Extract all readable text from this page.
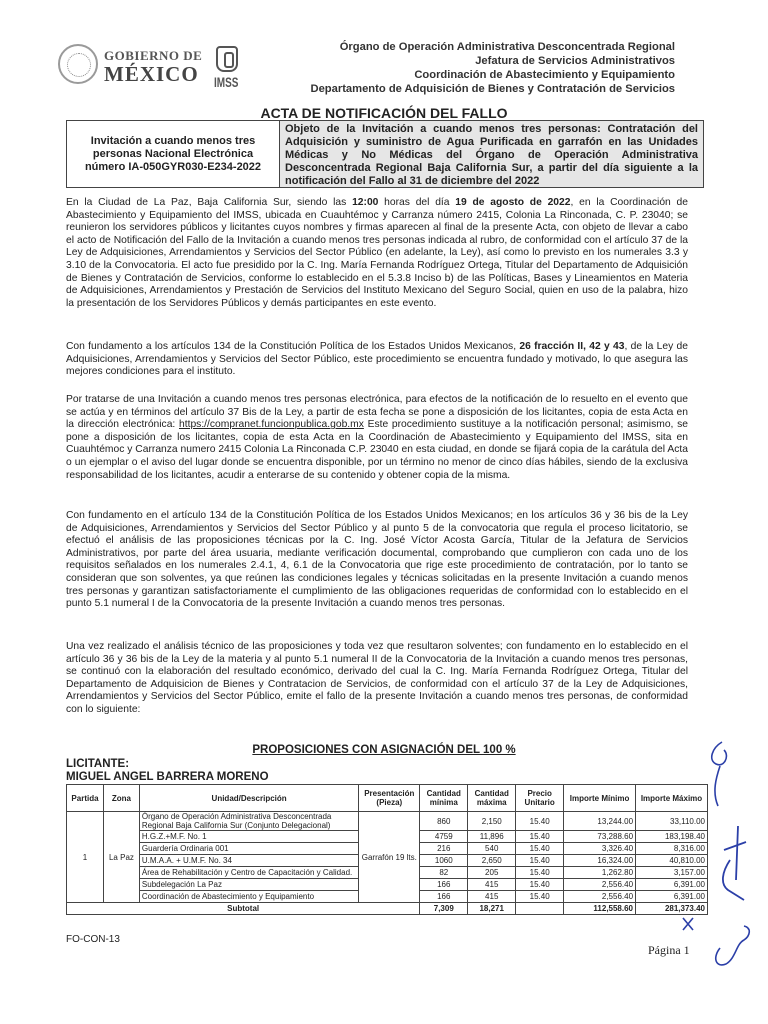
GOBIERNO DE
MÉXICO IMSS
Órgano de Operación Administrativa Desconcentrada Regional
Jefatura de Servicios Administrativos
Coordinación de Abastecimiento y Equipamiento
Departamento de Adquisición de Bienes y Contratación de Servicios
ACTA DE NOTIFICACIÓN DEL FALLO
Invitación a cuando menos tres personas Nacional Electrónica número IA-050GYR030-E234-2022
Objeto de la Invitación a cuando menos tres personas: Contratación del Adquisición y suministro de Agua Purificada en garrafón en las Unidades Médicas y No Médicas del Órgano de Operación Administrativa Desconcentrada Regional Baja California Sur, a partir del día siguiente a la notificación del Fallo al 31 de diciembre del 2022
En la Ciudad de La Paz, Baja California Sur, siendo las 12:00 horas del día 19 de agosto de 2022, en la Coordinación de Abastecimiento y Equipamiento del IMSS, ubicada en Cuauhtémoc y Carranza número 2415, Colonia La Rinconada, C. P. 23040; se reunieron los servidores públicos y licitantes cuyos nombres y firmas aparecen al final de la presente Acta, con objeto de llevar a cabo el acto de Notificación del Fallo de la Invitación a cuando menos tres personas indicada al rubro, de conformidad con el artículo 37 de la Ley de Adquisiciones, Arrendamientos y Servicios del Sector Público (en adelante, la Ley), así como lo previsto en los numerales 3.3 y 3.10 de la Convocatoria. El acto fue presidido por la C. Ing. María Fernanda Rodríguez Ortega, Titular del Departamento de Adquisición de Bienes y Contratación de Servicios, conforme lo establecido en el 5.3.8 Inciso b) de las Políticas, Bases y Lineamientos en Materia de Adquisiciones, Arrendamientos y Prestación de Servicios del Instituto Mexicano del Seguro Social, quien en uso de la palabra, hizo la presentación de los Servidores Públicos y demás participantes en este evento.
Con fundamento a los artículos 134 de la Constitución Política de los Estados Unidos Mexicanos, 26 fracción II, 42 y 43, de la Ley de Adquisiciones, Arrendamientos y Servicios del Sector Público, este procedimiento se encuentra fundado y motivado, lo que asegura las mejores condiciones para el instituto.
Por tratarse de una Invitación a cuando menos tres personas electrónica, para efectos de la notificación de lo resuelto en el evento que se actúa y en términos del artículo 37 Bis de la Ley, a partir de esta fecha se pone a disposición de los licitantes, copia de esta Acta en la dirección electrónica: https://compranet.funcionpublica.gob.mx Este procedimiento sustituye a la notificación personal; asimismo, se pone a disposición de los licitantes, copia de esta Acta en la Coordinación de Abastecimiento y Equipamiento del IMSS, sita en Cuauhtémoc y Carranza numero 2415 Colonia La Rinconada C.P. 23040 en esta ciudad, en donde se fijará copia de la carátula del Acta o un ejemplar o el aviso del lugar donde se encuentra disponible, por un término no menor de cinco días hábiles, siendo de la exclusiva responsabilidad de los licitantes, acudir a enterarse de su contenido y obtener copia de la misma.
Con fundamento en el artículo 134 de la Constitución Política de los Estados Unidos Mexicanos; en los artículos 36 y 36 bis de la Ley de Adquisiciones, Arrendamientos y Servicios del Sector Público y al punto 5 de la convocatoria que regula el proceso licitatorio, se efectuó el análisis de las proposiciones técnicas por la C. Ing. José Víctor Acosta García, Titular de la Jefatura de Servicios Administrativos, por parte del área usuaria, mediante verificación documental, comprobando que cumplieron con cada uno de los requisitos señalados en los numerales 2.4.1, 4, 6.1 de la Convocatoria que rige este procedimiento de contratación, por lo tanto se consideran que son solventes, ya que reúnen las condiciones legales y técnicas solicitadas en la presente Invitación a cuando menos tres personas y garantizan satisfactoriamente el cumplimiento de las obligaciones requeridas de conformidad con lo establecido en el punto 5.1 numeral I de la Convocatoria de la presente Invitación a cuando menos tres personas.
Una vez realizado el análisis técnico de las proposiciones y toda vez que resultaron solventes; con fundamento en lo establecido en el artículo 36 y 36 bis de la Ley de la materia y al punto 5.1 numeral II de la Convocatoria de la Invitación a cuando menos tres personas, se continuó con la elaboración del resultado económico, derivado del cual la C. Ing. María Fernanda Rodríguez Ortega, Titular del Departamento de Adquisicion de Bienes y Contratacion de Servicios, de conformidad con el artículo 37 de la Ley de Adquisiciones, Arrendamientos y Servicios del Sector Público, emite el fallo de la presente Invitación a cuando menos tres personas, de conformidad con lo siguiente:
PROPOSICIONES CON ASIGNACIÓN DEL 100 %
LICITANTE:
MIGUEL ANGEL BARRERA MORENO
Partida	Zona	Unidad/Descripción	Presentación (Pieza)	Cantidad mínima	Cantidad máxima	Precio Unitario	Importe Mínimo	Importe Máximo
1	La Paz	Órgano de Operación Administrativa Desconcentrada Regional Baja California Sur (Conjunto Delegacional)	Garrafón 19 lts.	860	2,150	15.40	13,244.00	33,110.00
		H.G.Z.+M.F. No. 1		4759	11,896	15.40	73,288.60	183,198.40
		Guardería Ordinaria 001		216	540	15.40	3,326.40	8,316.00
		U.M.A.A. + U.M.F. No. 34		1060	2,650	15.40	16,324.00	40,810.00
		Área de Rehabilitación y Centro de Capacitación y Calidad.		82	205	15.40	1,262.80	3,157.00
		Subdelegación La Paz		166	415	15.40	2,556.40	6,391.00
		Coordinación de Abastecimiento y Equipamiento		166	415	15.40	2,556.40	6,391.00
Subtotal				7,309	18,271		112,558.60	281,373.40
FO-CON-13
Página 1
